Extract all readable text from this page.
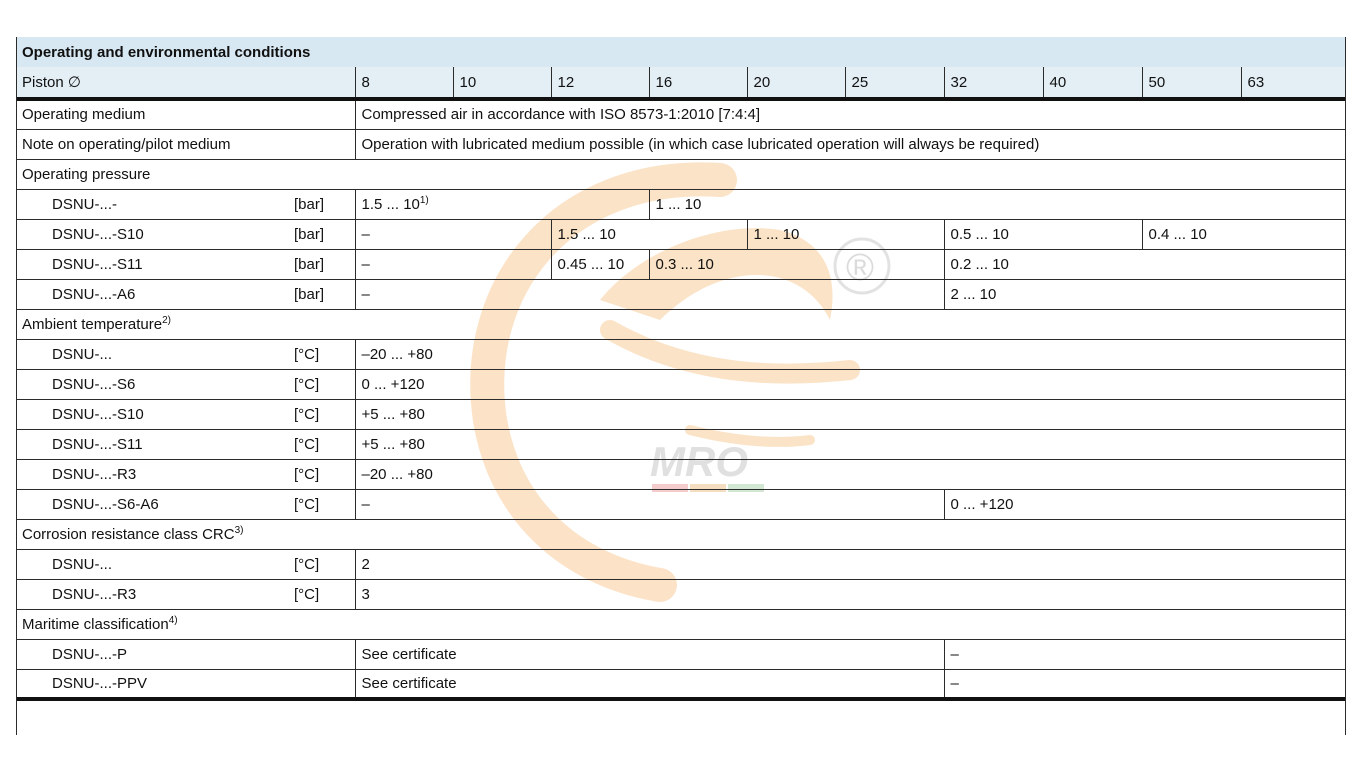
MRO
®
Operating and environmental conditions											
Piston ∅		8	10	12	16	20	25	32	40	50	63
Operating medium		Compressed air in accordance with ISO 8573-1:2010 [7:4:4]									
Note on operating/pilot medium		Operation with lubricated medium possible (in which case lubricated operation will always be required)									
Operating pressure											
DSNU-...-	[bar]	1.5 ... 10$^{1)}$			1 ... 10						
DSNU-...-S10	[bar]	–		1.5 ... 10		1 ... 10		0.5 ... 10		0.4 ... 10	
DSNU-...-S11	[bar]	–		0.45 ... 10	0.3 ... 10			0.2 ... 10			
DSNU-...-A6	[bar]	–						2 ... 10			
Ambient temperature$^{2)}$
DSNU-...	[°C]	–20 ... +80									
DSNU-...-S6	[°C]	0 ... +120									
DSNU-...-S10	[°C]	+5 ... +80									
DSNU-...-S11	[°C]	+5 ... +80									
DSNU-...-R3	[°C]	–20 ... +80									
DSNU-...-S6-A6	[°C]	–						0 ... +120			
Corrosion resistance class CRC$^{3)}$
DSNU-...	[°C]	2									
DSNU-...-R3	[°C]	3									
Maritime classification$^{4)}$
DSNU-...-P		See certificate						–			
DSNU-...-PPV		See certificate						–			
